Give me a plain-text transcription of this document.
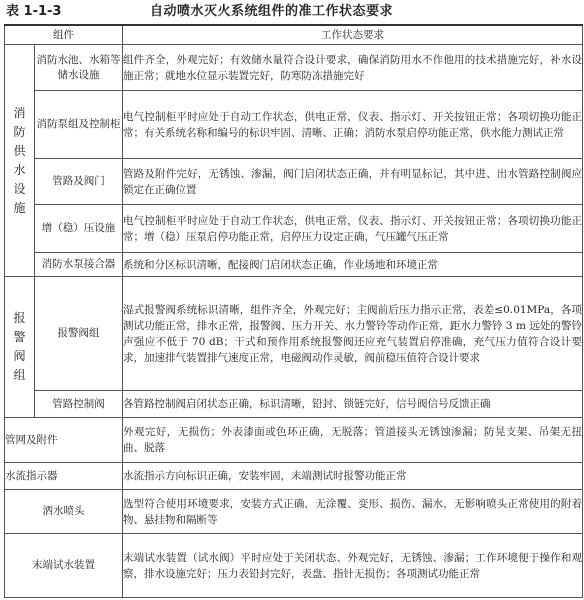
表 1-1-3	自动喷水灭火系统组件的准工作状态要求
组件		工作状态要求
消防供水设施	消防水池、水箱等储水设施	组件齐全，外观完好；有效储水量符合设计要求，确保消防用水不作他用的技术措施完好，补水设施正常；就地水位显示装置完好，防寒防冻措施完好
	消防泵组及控制柜	电气控制柜平时应处于自动工作状态，供电正常，仪表、指示灯、开关按钮正常；各项切换功能正常；有关系统名称和编号的标识牢固、清晰、正确；消防水泵启停功能正常，供水能力测试正常
	管路及阀门	管路及附件完好，无锈蚀、渗漏，阀门启闭状态正确，并有明显标记，其中进、出水管路控制阀应锁定在正确位置
	增（稳）压设施	电气控制柜平时应处于自动工作状态，供电正常，仪表、指示灯、开关按钮正常；各项切换功能正常；增（稳）压泵启停功能正常，启停压力设定正确，气压罐气压正常
	消防水泵接合器	系统和分区标识清晰，配接阀门启闭状态正确，作业场地和环境正常
报警阀组	报警阀组	湿式报警阀系统标识清晰，组件齐全，外观完好；主阀前后压力指示正常，表差≤0.01MPa，各项测试功能正常，排水正常，报警阀、压力开关、水力警铃等动作正常，距水力警铃 3 m 远处的警铃声强应不低于 70 dB；干式和预作用系统报警阀还应充气装置启停准确，充气压力值符合设计要求，加速排气装置排气速度正常，电磁阀动作灵敏，阀前稳压值符合设计要求
	管路控制阀	各管路控制阀启闭状态正确，标识清晰，铅封、锁链完好，信号阀信号反馈正确
管网及附件		外观完好，无损伤；外表漆面或色环正确，无脱落；管道接头无锈蚀渗漏；防晃支架、吊架无扭曲、脱落
水流指示器		水流指示方向标识正确，安装牢固，末端测试时报警功能正常
洒水喷头		选型符合使用环境要求，安装方式正确，无涂覆、变形、损伤、漏水，无影响喷头正常使用的附着物、悬挂物和隔断等
末端试水装置		末端试水装置（试水阀）平时应处于关闭状态、外观完好，无锈蚀、渗漏；工作环境便于操作和观察，排水设施完好；压力表铅封完好，表盘、指针无损伤；各项测试功能正常
